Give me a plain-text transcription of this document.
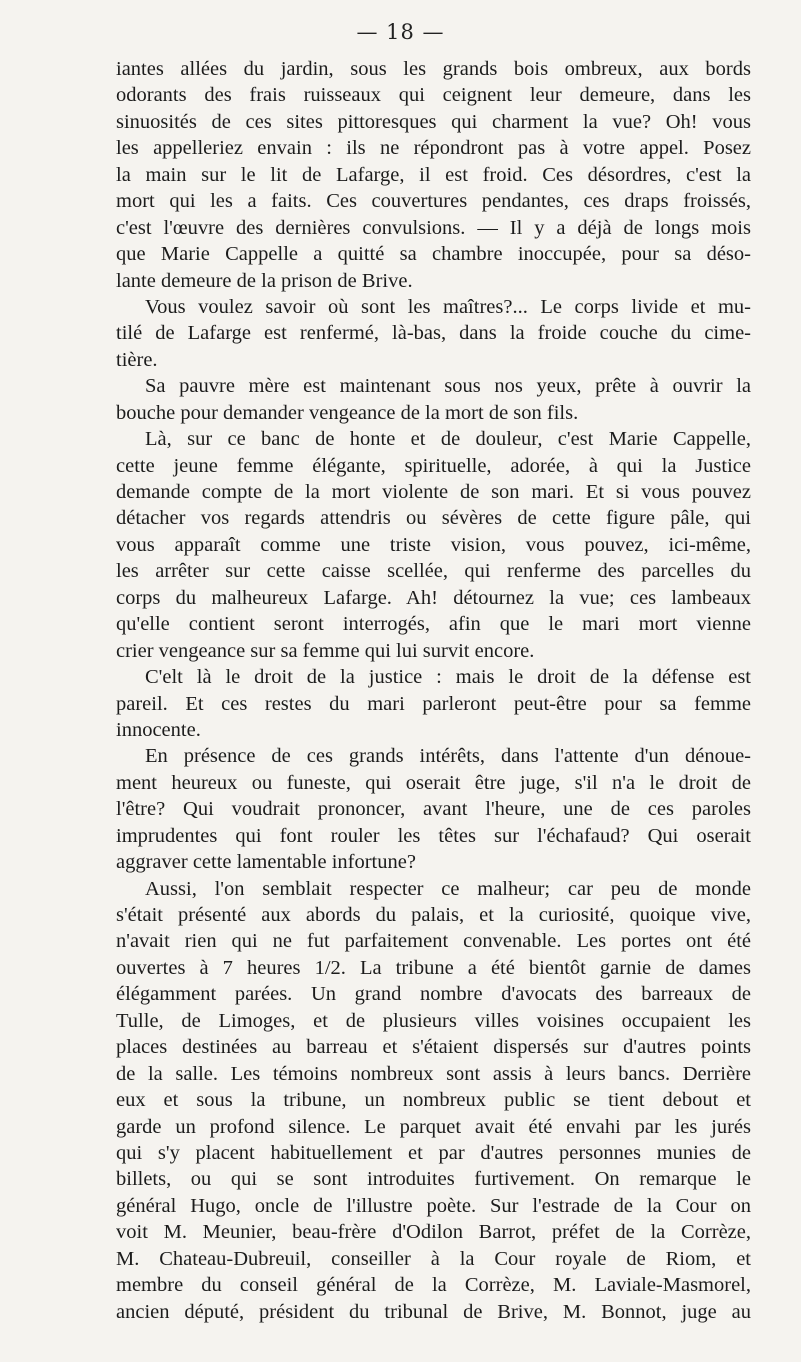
— 18 —
iantes allées du jardin, sous les grands bois ombreux, aux bords
odorants des frais ruisseaux qui ceignent leur demeure, dans les
sinuosités de ces sites pittoresques qui charment la vue? Oh! vous
les appelleriez envain : ils ne répondront pas à votre appel. Posez
la main sur le lit de Lafarge, il est froid. Ces désordres, c'est la
mort qui les a faits. Ces couvertures pendantes, ces draps froissés,
c'est l'œuvre des dernières convulsions. — Il y a déjà de longs mois
que Marie Cappelle a quitté sa chambre inoccupée, pour sa déso-
lante demeure de la prison de Brive.
Vous voulez savoir où sont les maîtres?... Le corps livide et mu-
tilé de Lafarge est renfermé, là-bas, dans la froide couche du cime-
tière.
Sa pauvre mère est maintenant sous nos yeux, prête à ouvrir la
bouche pour demander vengeance de la mort de son fils.
Là, sur ce banc de honte et de douleur, c'est Marie Cappelle,
cette jeune femme élégante, spirituelle, adorée, à qui la Justice
demande compte de la mort violente de son mari. Et si vous pouvez
détacher vos regards attendris ou sévères de cette figure pâle, qui
vous apparaît comme une triste vision, vous pouvez, ici-même,
les arrêter sur cette caisse scellée, qui renferme des parcelles du
corps du malheureux Lafarge. Ah! détournez la vue; ces lambeaux
qu'elle contient seront interrogés, afin que le mari mort vienne
crier vengeance sur sa femme qui lui survit encore.
C'elt là le droit de la justice : mais le droit de la défense est
pareil. Et ces restes du mari parleront peut-être pour sa femme
innocente.
En présence de ces grands intérêts, dans l'attente d'un dénoue-
ment heureux ou funeste, qui oserait être juge, s'il n'a le droit de
l'être? Qui voudrait prononcer, avant l'heure, une de ces paroles
imprudentes qui font rouler les têtes sur l'échafaud? Qui oserait
aggraver cette lamentable infortune?
Aussi, l'on semblait respecter ce malheur; car peu de monde
s'était présenté aux abords du palais, et la curiosité, quoique vive,
n'avait rien qui ne fut parfaitement convenable. Les portes ont été
ouvertes à 7 heures 1/2. La tribune a été bientôt garnie de dames
élégamment parées. Un grand nombre d'avocats des barreaux de
Tulle, de Limoges, et de plusieurs villes voisines occupaient les
places destinées au barreau et s'étaient dispersés sur d'autres points
de la salle. Les témoins nombreux sont assis à leurs bancs. Derrière
eux et sous la tribune, un nombreux public se tient debout et
garde un profond silence. Le parquet avait été envahi par les jurés
qui s'y placent habituellement et par d'autres personnes munies de
billets, ou qui se sont introduites furtivement. On remarque le
général Hugo, oncle de l'illustre poète. Sur l'estrade de la Cour on
voit M. Meunier, beau-frère d'Odilon Barrot, préfet de la Corrèze,
M. Chateau-Dubreuil, conseiller à la Cour royale de Riom, et
membre du conseil général de la Corrèze, M. Laviale-Masmorel,
ancien député, président du tribunal de Brive, M. Bonnot, juge au
